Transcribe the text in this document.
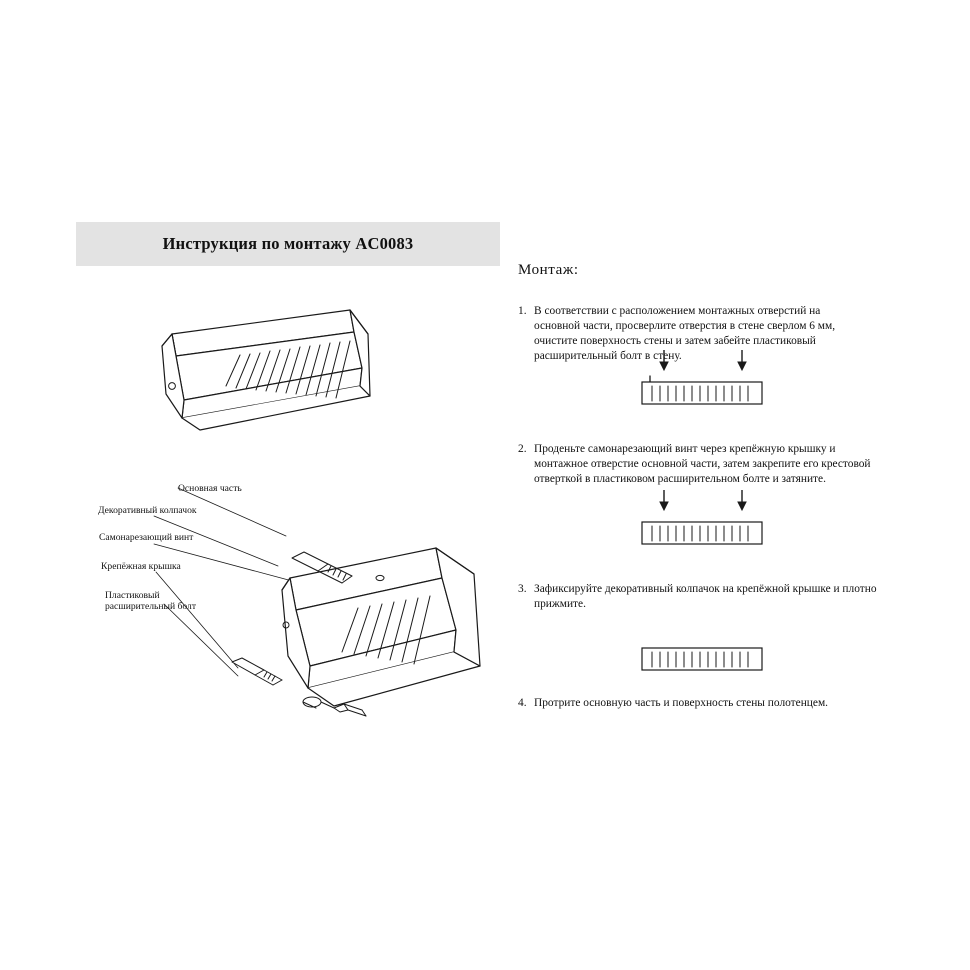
Инструкция по монтажу AC0083
Основная часть
Декоративный колпачок
Самонарезающий винт
Крепёжная крышка
Пластиковый расширительный болт
Монтаж:
1. В соответствии с расположением монтажных отверстий на основной части, просверлите отверстия в стене сверлом 6 мм, очистите поверхность стены и затем забейте пластиковый расширительный болт в стену.
2. Проденьте самонарезающий винт через крепёжную крышку и монтажное отверстие основной части, затем закрепите его крестовой отверткой в пластиковом расширительном болте и затяните.
3. Зафиксируйте декоративный колпачок на крепёжной крышке и плотно прижмите.
4. Протрите основную часть и поверхность стены полотенцем.
